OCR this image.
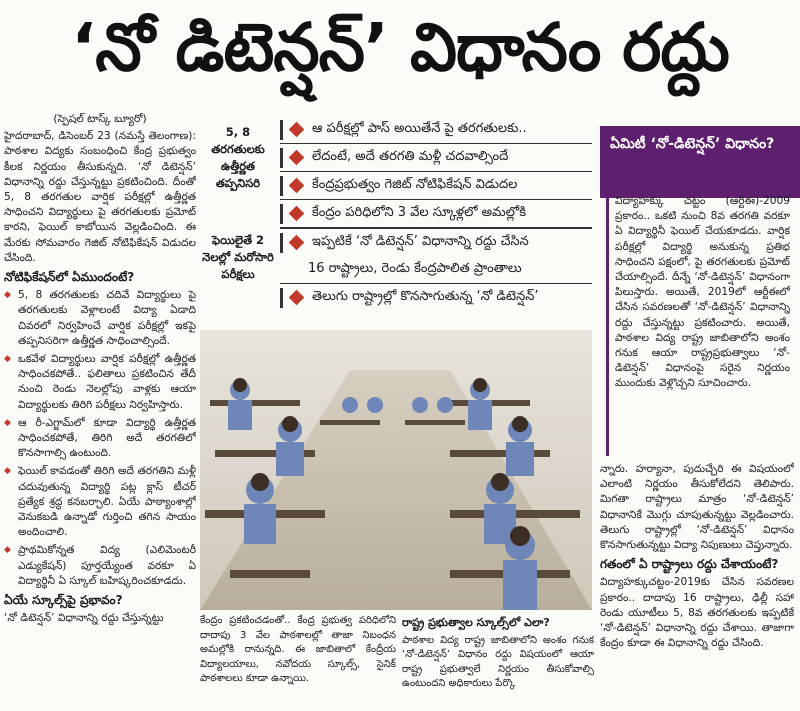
‘నో డిటెన్షన్’ విధానం రద్దు

(స్పెషల్ టాస్క్ బ్యూరో)

హైదరాబాద్, డిసెంబర్ 23 (నమస్తే తెలంగాణ): పాఠశాల విద్యకు సంబంధించి కేంద్ర ప్రభుత్వం కీలక నిర్ణయం తీసుకున్నది. ‘నో డిటెన్షన్’ విధానాన్ని రద్దు చేస్తున్నట్టు ప్రకటించింది. దీంతో 5, 8 తరగతుల వార్షిక పరీక్షల్లో ఉత్తీర్ణత సాధించని విద్యార్థులు పై తరగతులకు ప్రమోట్ కారని, ఫెయిల్ కాబోయిన వెల్లడించింది. ఈ మేరకు సోమవారం గెజిట్ నోటిఫికేషన్ విడుదల చేసింది.

నోటిఫికేషన్‌లో ఏముందంటే?
◆ 5, 8 తరగతులకు చదివే విద్యార్థులు పై తరగతులకు వెళ్లాలంటే విద్యా ఏడాది చివరలో నిర్వహించే వార్షిక పరీక్షల్లో ఇకపై తప్పనిసరిగా ఉత్తీర్ణత సాధించాల్సిందే.
◆ ఒకవేళ విద్యార్థులు వార్షిక పరీక్షల్లో ఉత్తీర్ణత సాధించకపోతే.. ఫలితాలు ప్రకటించిన తేదీ నుంచి రెండు నెలల్లోపు వాళ్లకు ఆయా విద్యార్థులకు తిరిగి పరీక్షలు నిర్వహిస్తారు.
◆ ఆ రీ-ఎగ్జామ్‌లో కూడా విద్యార్థి ఉత్తీర్ణత సాధించకపోతే, తిరిగి అదే తరగతిలో కొనసాగాల్సి ఉంటుంది.
◆ ఫెయిల్ కావడంతో తిరిగి అదే తరగతిని మళ్లీ చదువుతున్న విద్యార్థి పట్ల క్లాస్ టీచర్ ప్రత్యేక శ్రద్ధ కనబర్చాలి. ఏయే పాఠ్యాంశాల్లో వెనుకబడి ఉన్నాడో గుర్తించి తగిన సాయం అందించాలి.
◆ ప్రాథమికోన్నత విద్య (ఎలిమెంటరీ ఎడ్యుకేషన్) పూర్తయ్యేంత వరకూ ఏ విద్యార్థినీ ఏ స్కూల్ బహిష్కరించకూడదు.
ఏయే స్కూల్స్‌పై ప్రభావం?

‘నో డిటెన్షన్’ విధానాన్ని రద్దు చేస్తున్నట్టు

5, 8 తరగతులకు ఉత్తీర్ణత తప్పనిసరి
ఫెయిలైతే 2 నెలల్లో మరోసారి పరీక్షలు
ఆ పరీక్షల్లో పాస్ అయితేనే పై తరగతులకు..
లేదంటే, అదే తరగతి మళ్లీ చదవాల్సిందే
కేంద్రప్రభుత్వం గెజిట్ నోటిఫికేషన్ విడుదల
కేంద్రం పరిధిలోని 3 వేల స్కూళ్లలో అమల్లోకి
ఇప్పటికే ‘నో డిటెన్షన్’ విధానాన్ని రద్దు చేసిన
16 రాష్ట్రాలు, రెండు కేంద్రపాలిత ప్రాంతాలు
తెలుగు రాష్ట్రాల్లో కొనసాగుతున్న ‘నో డిటెన్షన్’
ఏమిటీ ‘నో-డిటెన్షన్’ విధానం?
విద్యాహక్కు చట్టం (ఆర్టీఈ)-2009 ప్రకారం.. ఒకటి నుంచి 8వ తరగతి వరకూ ఏ విద్యార్థినీ ఫెయిల్ చేయకూడదు. వార్షిక పరీక్షల్లో విద్యార్థి అనుకున్న ప్రతిభ సాధించని పక్షంలో, పై తరగతులకు ప్రమోట్ చేయాల్సిందే. దీన్నే ‘నో-డిటెన్షన్’ విధానంగా పిలుస్తారు. అయితే, 2019లో ఆర్టీఈలో చేసిన సవరణలతో ‘నో-డిటెన్షన్’ విధానాన్ని రద్దు చేస్తున్నట్టు ప్రకటించారు. అయితే, పాఠశాల విద్య రాష్ట్ర జాబితాలోని అంశం గనుక ఆయా రాష్ట్రప్రభుత్వాలు ‘నో-డిటెన్షన్’ విధానంపై సరైన నిర్ణయం ముందుకు వెళ్లొచ్చని సూచించారు.

న్నారు. హర్యానా, పుదుచ్చేరి ఈ విషయంలో ఎలాంటి నిర్ణయం తీసుకోలేదని తెలిపారు. మిగతా రాష్ట్రాలు మాత్రం ‘నో-డిటెన్షన్’ విధానానికే మొగ్గు చూపుతున్నట్టు వెల్లడించారు. తెలుగు రాష్ట్రాల్లో ‘నో-డిటెన్షన్’ విధానం కొనసాగుతున్నట్టు విద్యా నిపుణులు చెప్తున్నారు.

గతంలో ఏ రాష్ట్రాలు రద్దు చేశాయంటే?

విద్యాహక్కుచట్టం-2019కు చేసిన సవరణల ప్రకారం.. దాదాపు 16 రాష్ట్రాలు, ఢిల్లీ సహా రెండు యూటీలు 5, 8వ తరగతులకు ఇప్పటికే ‘నో-డిటెన్షన్’ విధానాన్ని రద్దు చేశాయి. తాజాగా కేంద్రం కూడా ఈ విధానాన్ని రద్దు చేసింది.

కేంద్రం ప్రకటించడంతో.. కేంద్ర ప్రభుత్వ పరిధిలోని దాదాపు 3 వేల పాఠశాలల్లో తాజా నిబంధన అమల్లోకి రానున్నది. ఈ జాబితాలో కేంద్రీయ విద్యాలయాలు, నవోదయ స్కూల్స్, సైనిక్ పాఠశాలలు కూడా ఉన్నాయి.
రాష్ట్ర ప్రభుత్వాల స్కూల్స్‌లో ఎలా?

పాఠశాల విద్య రాష్ట్ర జాబితాలోని అంశం గనుక ‘నో-డిటెన్షన్’ విధానం రద్దు విషయంలో ఆయా రాష్ట్ర ప్రభుత్వాలే నిర్ణయం తీసుకోవాల్సి ఉంటుందని అధికారులు పేర్కొ
